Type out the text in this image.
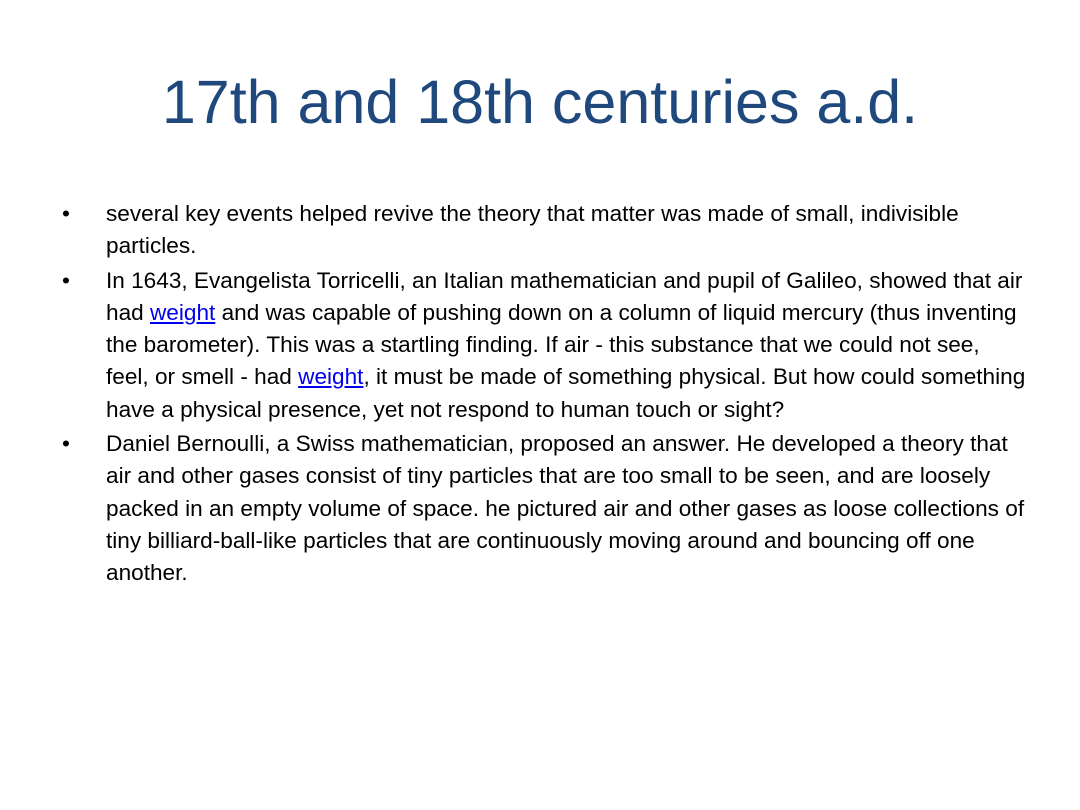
17th and 18th centuries a.d.
•	several key events helped revive the theory that matter was made of small, indivisible particles.
•	In 1643, Evangelista Torricelli, an Italian mathematician and pupil of Galileo, showed that air had weight and was capable of pushing down on a column of liquid mercury (thus inventing the barometer). This was a startling finding. If air - this substance that we could not see, feel, or smell - had weight, it must be made of something physical. But how could something have a physical presence, yet not respond to human touch or sight?
•	Daniel Bernoulli, a Swiss mathematician, proposed an answer. He developed a theory that air and other gases consist of tiny particles that are too small to be seen, and are loosely packed in an empty volume of space. he pictured air and other gases as loose collections of tiny billiard-ball-like particles that are continuously moving around and bouncing off one another.
